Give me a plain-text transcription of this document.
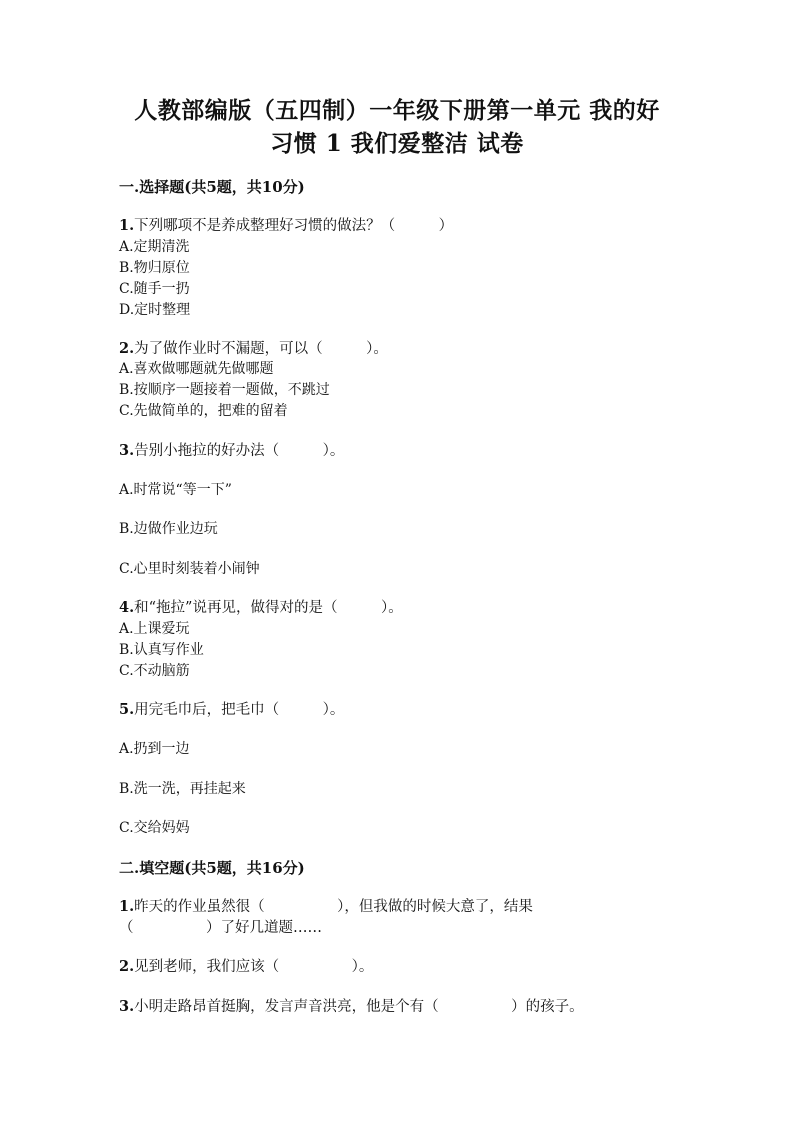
人教部编版（五四制）一年级下册第一单元 我的好
习惯 1 我们爱整洁 试卷
一.选择题(共5题，共10分)
1.下列哪项不是养成整理好习惯的做法？（　　　）
A.定期清洗
B.物归原位
C.随手一扔
D.定时整理
2.为了做作业时不漏题，可以（　　　）。
A.喜欢做哪题就先做哪题
B.按顺序一题接着一题做，不跳过
C.先做简单的，把难的留着
3.告别小拖拉的好办法（　　　）。
A.时常说“等一下”
B.边做作业边玩
C.心里时刻装着小闹钟
4.和“拖拉”说再见，做得对的是（　　　）。
A.上课爱玩
B.认真写作业
C.不动脑筋
5.用完毛巾后，把毛巾（　　　）。
A.扔到一边
B.洗一洗，再挂起来
C.交给妈妈
二.填空题(共5题，共16分)
1.昨天的作业虽然很（　　　　　），但我做的时候大意了，结果
（　　　　　）了好几道题……
2.见到老师，我们应该（　　　　　）。
3.小明走路昂首挺胸，发言声音洪亮，他是个有（　　　　　）的孩子。
